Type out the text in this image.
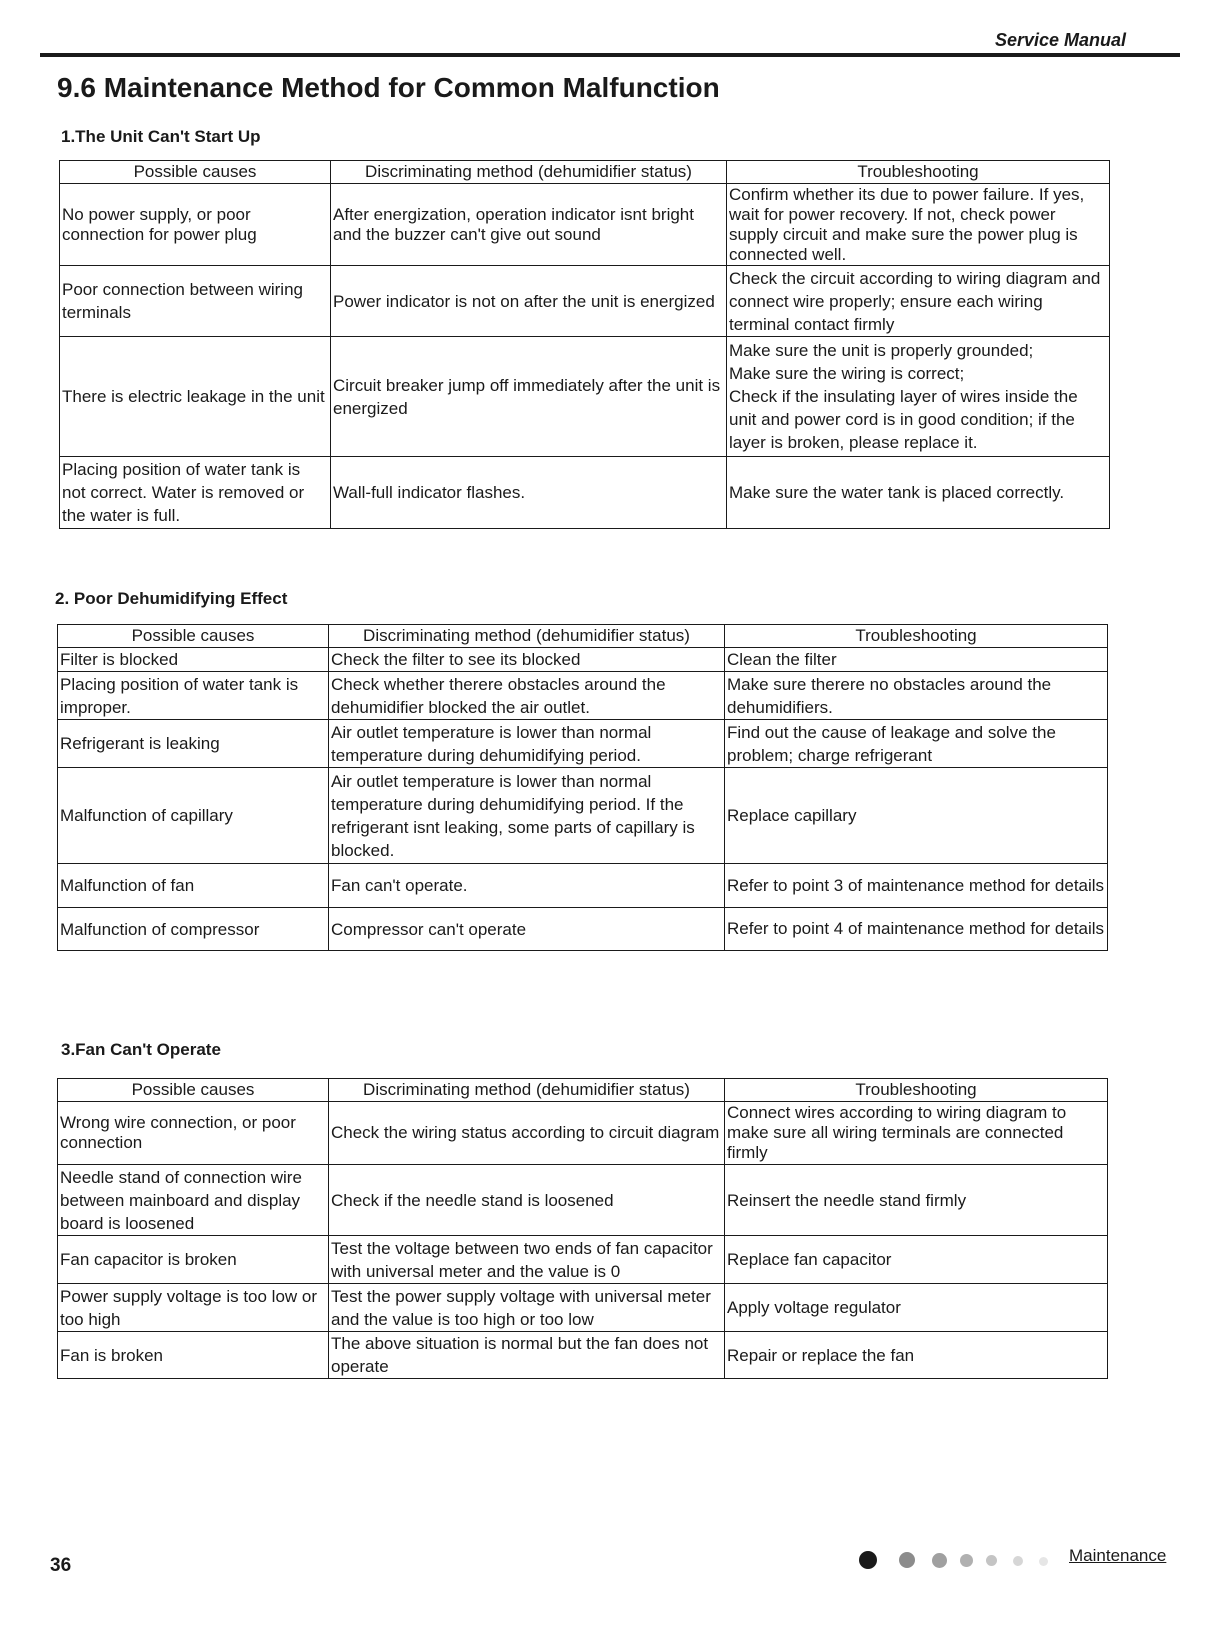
Service Manual
9.6 Maintenance Method for Common Malfunction
1.The Unit Can't Start Up
Possible causes	Discriminating method (dehumidifier status)	Troubleshooting
No power supply, or poor connection for power plug	After energization, operation indicator isnt bright and the buzzer can't give out sound	Confirm whether its due to power failure. If yes, wait for power recovery. If not, check power supply circuit and make sure the power plug is connected well.
Poor connection between wiring terminals	Power indicator is not on after the unit is energized	Check the circuit according to wiring diagram and connect wire properly; ensure each wiring terminal contact firmly
There is electric leakage in the unit	Circuit breaker jump off immediately after the unit is energized	Make sure the unit is properly grounded;
Make sure the wiring is correct;
Check if the insulating layer of wires inside the unit and power cord is in good condition; if the layer is broken, please replace it.
Placing position of water tank is not correct. Water is removed or the water is full.	Wall-full indicator flashes.	Make sure the water tank is placed correctly.
2. Poor Dehumidifying Effect
Possible causes	Discriminating method (dehumidifier status)	Troubleshooting
Filter is blocked	Check the filter to see its blocked	Clean the filter
Placing position of water tank is improper.	Check whether therere obstacles around the dehumidifier blocked the air outlet.	Make sure therere no obstacles around the dehumidifiers.
Refrigerant is leaking	Air outlet temperature is lower than normal temperature during dehumidifying period.	Find out the cause of leakage and solve the problem; charge refrigerant
Malfunction of capillary	Air outlet temperature is lower than normal temperature during dehumidifying period. If the refrigerant isnt leaking, some parts of capillary is blocked.	Replace capillary
Malfunction of fan	Fan can't operate.	Refer to point 3 of maintenance method for details
Malfunction of compressor	Compressor can't operate	Refer to point 4 of maintenance method for details
3.Fan Can't Operate
Possible causes	Discriminating method (dehumidifier status)	Troubleshooting
Wrong wire connection, or poor connection	Check the wiring status according to circuit diagram	Connect wires according to wiring diagram to make sure all wiring terminals are connected firmly
Needle stand of connection wire between mainboard and display board is loosened	Check if the needle stand is loosened	Reinsert the needle stand firmly
Fan capacitor is broken	Test the voltage between two ends of fan capacitor with universal meter and the value is 0	Replace fan capacitor
Power supply voltage is too low or too high	Test the power supply voltage with universal meter and the value is too high or too low	Apply voltage regulator
Fan is broken	The above situation is normal but the fan does not operate	Repair or replace the fan
36	Maintenance
